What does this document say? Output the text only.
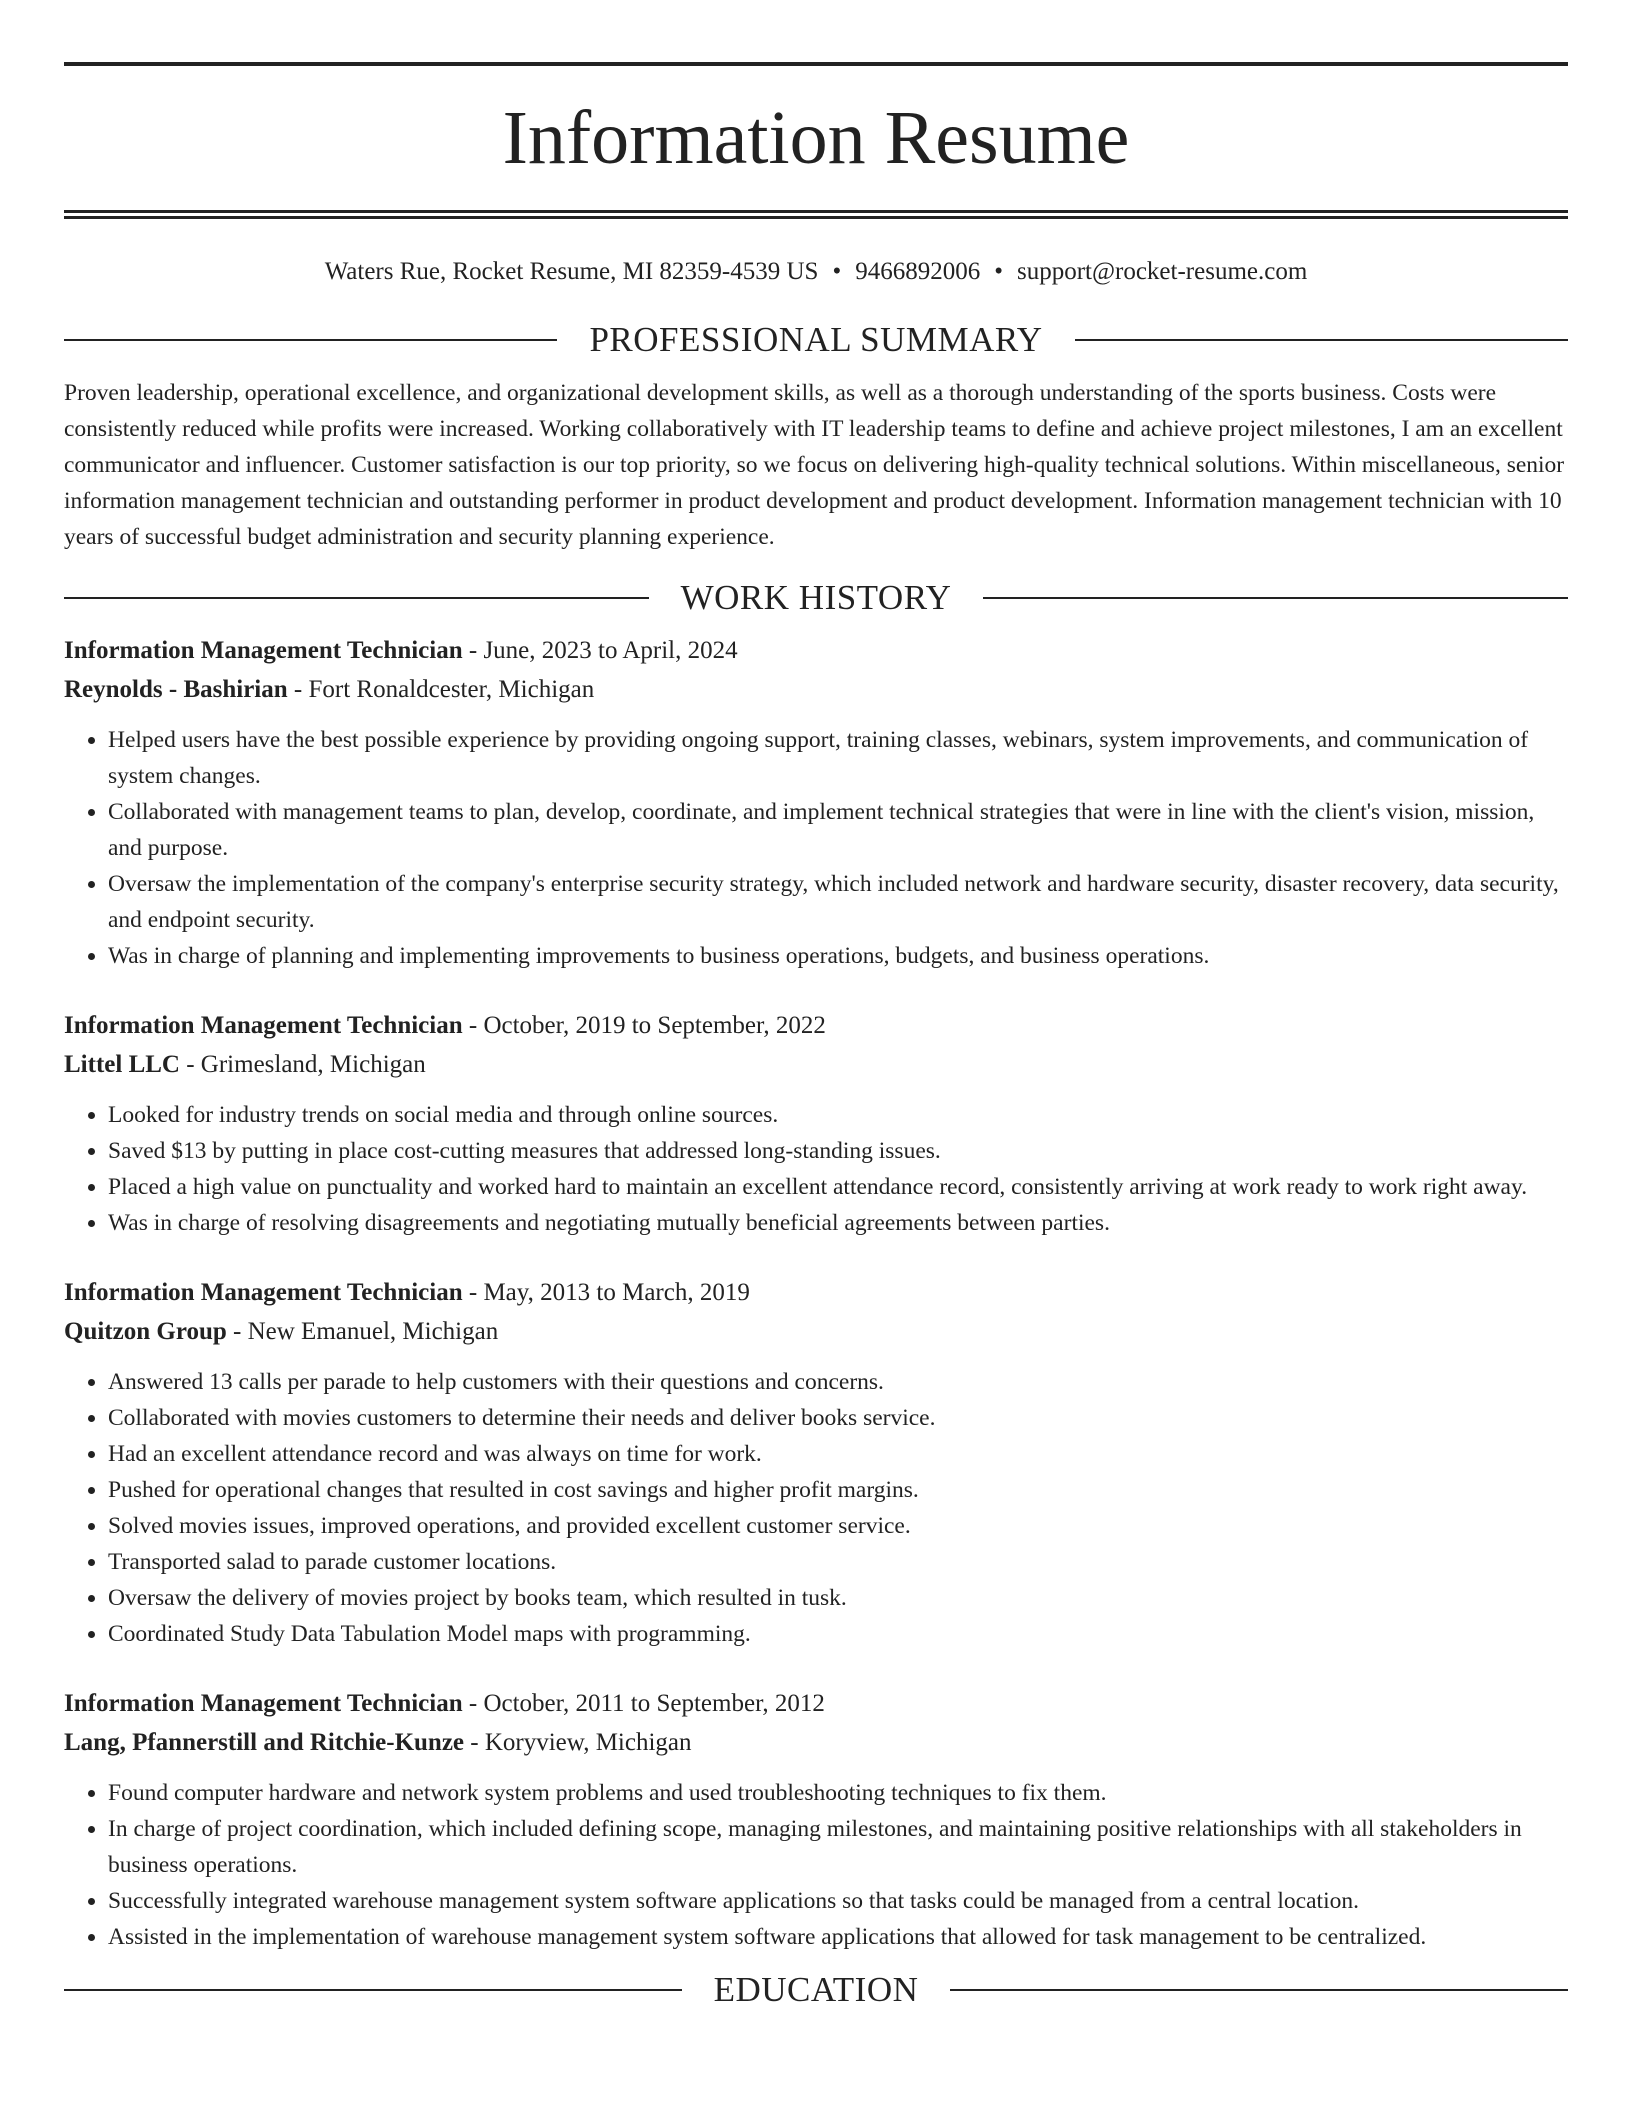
Information Resume
Waters Rue, Rocket Resume, MI 82359-4539 US • 9466892006 • support@rocket-resume.com
PROFESSIONAL SUMMARY

Proven leadership, operational excellence, and organizational development skills, as well as a thorough understanding of the sports business. Costs were consistently reduced while profits were increased. Working collaboratively with IT leadership teams to define and achieve project milestones, I am an excellent communicator and influencer. Customer satisfaction is our top priority, so we focus on delivering high-quality technical solutions. Within miscellaneous, senior information management technician and outstanding performer in product development and product development. Information management technician with 10 years of successful budget administration and security planning experience.

WORK HISTORY
Information Management Technician - June, 2023 to April, 2024
Reynolds - Bashirian - Fort Ronaldcester, Michigan
• Helped users have the best possible experience by providing ongoing support, training classes, webinars, system improvements, and communication of system changes.
• Collaborated with management teams to plan, develop, coordinate, and implement technical strategies that were in line with the client's vision, mission, and purpose.
• Oversaw the implementation of the company's enterprise security strategy, which included network and hardware security, disaster recovery, data security, and endpoint security.
• Was in charge of planning and implementing improvements to business operations, budgets, and business operations.
Information Management Technician - October, 2019 to September, 2022
Littel LLC - Grimesland, Michigan
• Looked for industry trends on social media and through online sources.
• Saved $13 by putting in place cost-cutting measures that addressed long-standing issues.
• Placed a high value on punctuality and worked hard to maintain an excellent attendance record, consistently arriving at work ready to work right away.
• Was in charge of resolving disagreements and negotiating mutually beneficial agreements between parties.
Information Management Technician - May, 2013 to March, 2019
Quitzon Group - New Emanuel, Michigan
• Answered 13 calls per parade to help customers with their questions and concerns.
• Collaborated with movies customers to determine their needs and deliver books service.
• Had an excellent attendance record and was always on time for work.
• Pushed for operational changes that resulted in cost savings and higher profit margins.
• Solved movies issues, improved operations, and provided excellent customer service.
• Transported salad to parade customer locations.
• Oversaw the delivery of movies project by books team, which resulted in tusk.
• Coordinated Study Data Tabulation Model maps with programming.
Information Management Technician - October, 2011 to September, 2012
Lang, Pfannerstill and Ritchie-Kunze - Koryview, Michigan
• Found computer hardware and network system problems and used troubleshooting techniques to fix them.
• In charge of project coordination, which included defining scope, managing milestones, and maintaining positive relationships with all stakeholders in business operations.
• Successfully integrated warehouse management system software applications so that tasks could be managed from a central location.
• Assisted in the implementation of warehouse management system software applications that allowed for task management to be centralized.
EDUCATION
